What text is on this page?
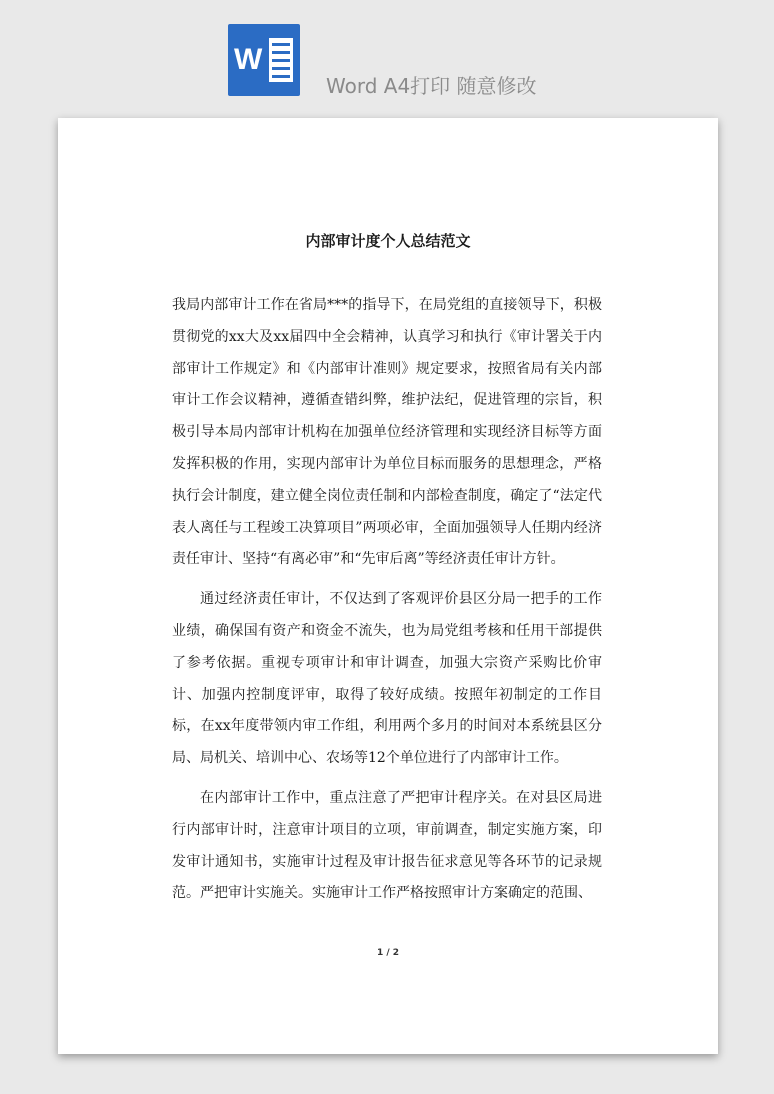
W
Word A4打印 随意修改
内部审计度个人总结范文

我局内部审计工作在省局***的指导下，在局党组的直接领导下，积极贯彻党的xx大及xx届四中全会精神，认真学习和执行《审计署关于内部审计工作规定》和《内部审计准则》规定要求，按照省局有关内部审计工作会议精神，遵循查错纠弊，维护法纪，促进管理的宗旨，积极引导本局内部审计机构在加强单位经济管理和实现经济目标等方面发挥积极的作用，实现内部审计为单位目标而服务的思想理念，严格执行会计制度，建立健全岗位责任制和内部检查制度，确定了“法定代表人离任与工程竣工决算项目”两项必审，全面加强领导人任期内经济责任审计、坚持“有离必审”和“先审后离”等经济责任审计方针。

通过经济责任审计，不仅达到了客观评价县区分局一把手的工作业绩，确保国有资产和资金不流失，也为局党组考核和任用干部提供了参考依据。重视专项审计和审计调查，加强大宗资产采购比价审计、加强内控制度评审，取得了较好成绩。按照年初制定的工作目标，在xx年度带领内审工作组，利用两个多月的时间对本系统县区分局、局机关、培训中心、农场等12个单位进行了内部审计工作。

在内部审计工作中，重点注意了严把审计程序关。在对县区局进行内部审计时，注意审计项目的立项，审前调查，制定实施方案，印发审计通知书，实施审计过程及审计报告征求意见等各环节的记录规范。严把审计实施关。实施审计工作严格按照审计方案确定的范围、

1 / 2
